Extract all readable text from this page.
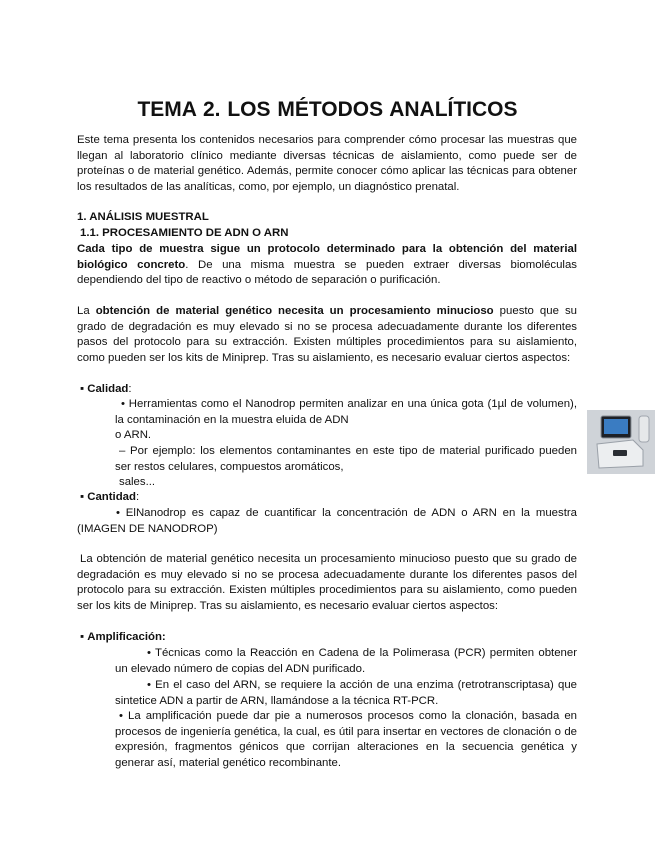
TEMA 2. LOS MÉTODOS ANALÍTICOS

Este tema presenta los contenidos necesarios para comprender cómo procesar las muestras que llegan al laboratorio clínico mediante diversas técnicas de aislamiento, como puede ser de proteínas o de material genético. Además, permite conocer cómo aplicar las técnicas para obtener los resultados de las analíticas, como, por ejemplo, un diagnóstico prenatal.

1. ANÁLISIS MUESTRAL

1.1. PROCESAMIENTO DE ADN O ARN

Cada tipo de muestra sigue un protocolo determinado para la obtención del material biológico concreto. De una misma muestra se pueden extraer diversas biomoléculas dependiendo del tipo de reactivo o método de separación o purificación.

La obtención de material genético necesita un procesamiento minucioso puesto que su grado de degradación es muy elevado si no se procesa adecuadamente durante los diferentes pasos del protocolo para su extracción. Existen múltiples procedimientos para su aislamiento, como pueden ser los kits de Miniprep. Tras su aislamiento, es necesario evaluar ciertos aspectos:

▪ Calidad:

• Herramientas como el Nanodrop permiten analizar en una única gota (1µl de volumen), la contaminación en la muestra eluida de ADN

o ARN.

– Por ejemplo: los elementos contaminantes en este tipo de material purificado pueden ser restos celulares, compuestos aromáticos,

sales...

▪ Cantidad:

• ElNanodrop es capaz de cuantificar la concentración de ADN o ARN en la muestra (IMAGEN DE NANODROP)

La obtención de material genético necesita un procesamiento minucioso puesto que su grado de degradación es muy elevado si no se procesa adecuadamente durante los diferentes pasos del protocolo para su extracción. Existen múltiples procedimientos para su aislamiento, como pueden ser los kits de Miniprep. Tras su aislamiento, es necesario evaluar ciertos aspectos:

▪ Amplificación:

• Técnicas como la Reacción en Cadena de la Polimerasa (PCR) permiten obtener un elevado número de copias del ADN purificado.

• En el caso del ARN, se requiere la acción de una enzima (retrotranscriptasa) que sintetice ADN a partir de ARN, llamándose a la técnica RT-PCR.

• La amplificación puede dar pie a numerosos procesos como la clonación, basada en procesos de ingeniería genética, la cual, es útil para insertar en vectores de clonación o de expresión, fragmentos génicos que corrijan alteraciones en la secuencia genética y generar así, material genético recombinante.
